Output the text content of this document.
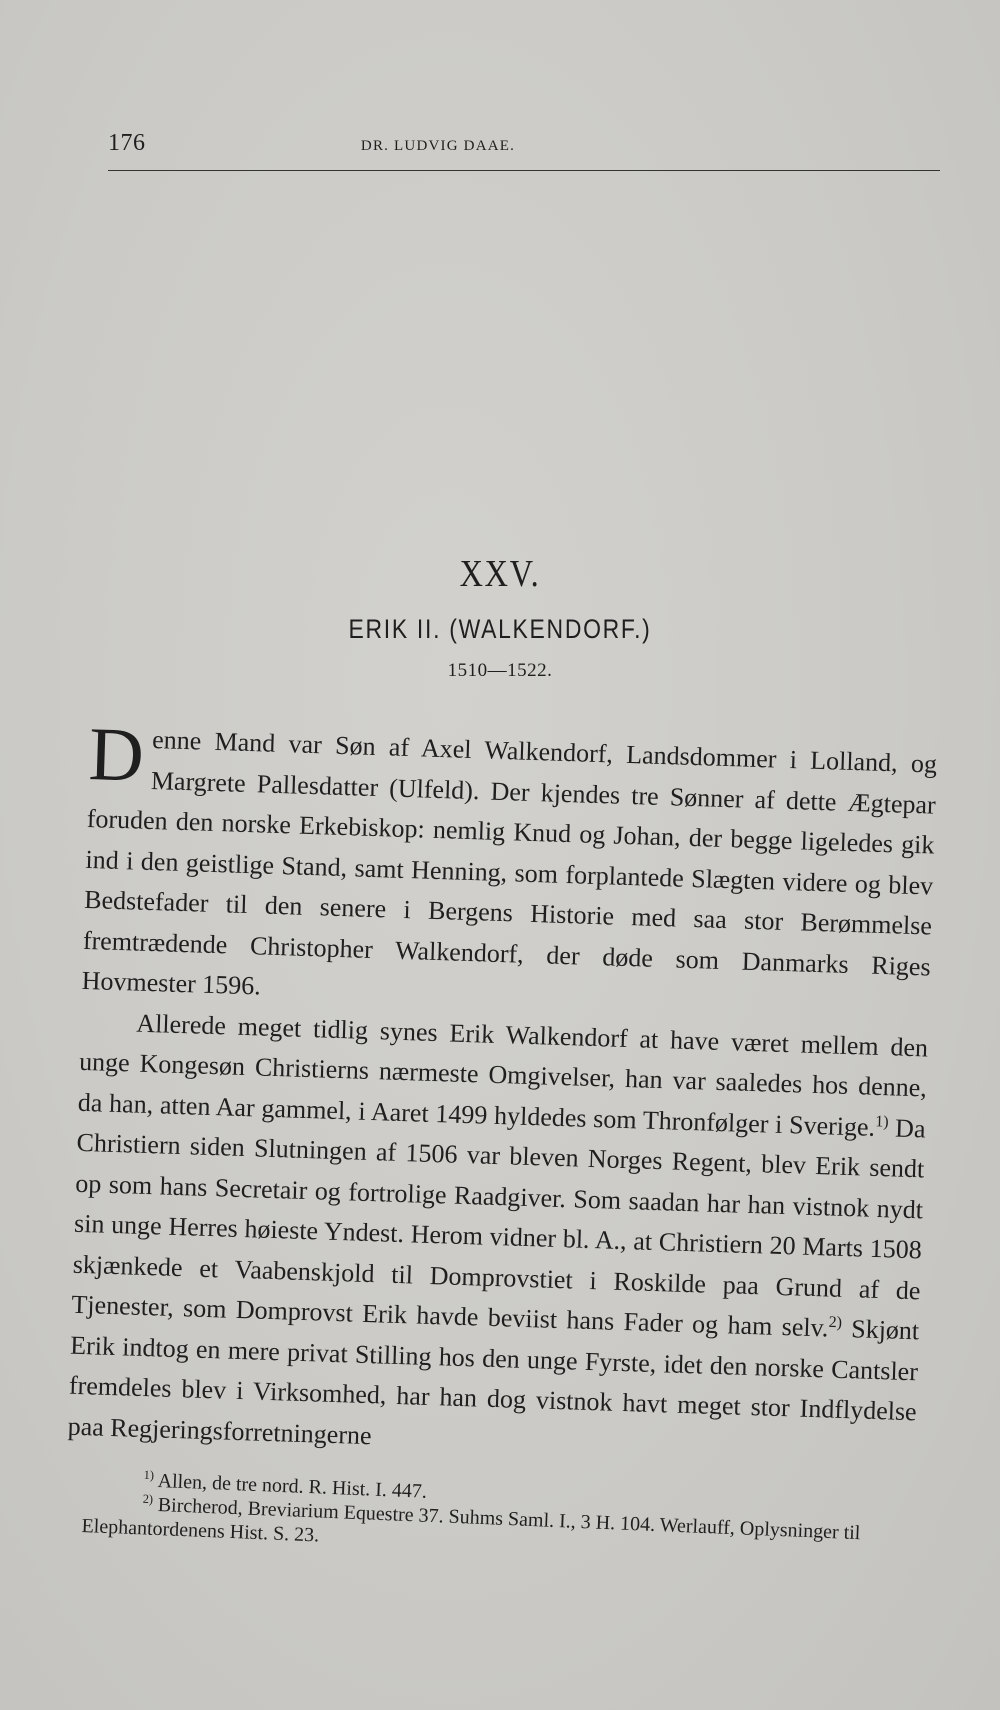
176	DR. LUDVIG DAAE.
XXV.
ERIK II. (WALKENDORF.)
1510—1522.

Denne Mand var Søn af Axel Walkendorf, Landsdommer i Lolland, og Margrete Pallesdatter (Ulfeld). Der kjendes tre Sønner af dette Ægtepar foruden den norske Erkebiskop: nemlig Knud og Johan, der begge ligeledes gik ind i den geistlige Stand, samt Henning, som forplantede Slægten videre og blev Bedstefader til den senere i Bergens Historie med saa stor Berømmelse fremtrædende Christopher Walkendorf, der døde som Danmarks Riges Hovmester 1596.

Allerede meget tidlig synes Erik Walkendorf at have været mellem den unge Kongesøn Christierns nærmeste Omgivelser, han var saaledes hos denne, da han, atten Aar gammel, i Aaret 1499 hyldedes som Thronfølger i Sverige.$^{1)}$ Da Christiern siden Slutningen af 1506 var bleven Norges Regent, blev Erik sendt op som hans Secretair og fortrolige Raadgiver. Som saadan har han vistnok nydt sin unge Herres høieste Yndest. Herom vidner bl. A., at Christiern 20 Marts 1508 skjænkede et Vaabenskjold til Domprovstiet i Roskilde paa Grund af de Tjenester, som Domprovst Erik havde beviist hans Fader og ham selv.$^{2)}$ Skjønt Erik indtog en mere privat Stilling hos den unge Fyrste, idet den norske Cantsler fremdeles blev i Virksomhed, har han dog vistnok havt meget stor Indflydelse paa Regjeringsforretningerne

$^{1)}$ Allen, de tre nord. R. Hist. I. 447.

$^{2)}$ Bircherod, Breviarium Equestre 37. Suhms Saml. I., 3 H. 104. Werlauff, Oplysninger til Elephantordenens Hist. S. 23.
